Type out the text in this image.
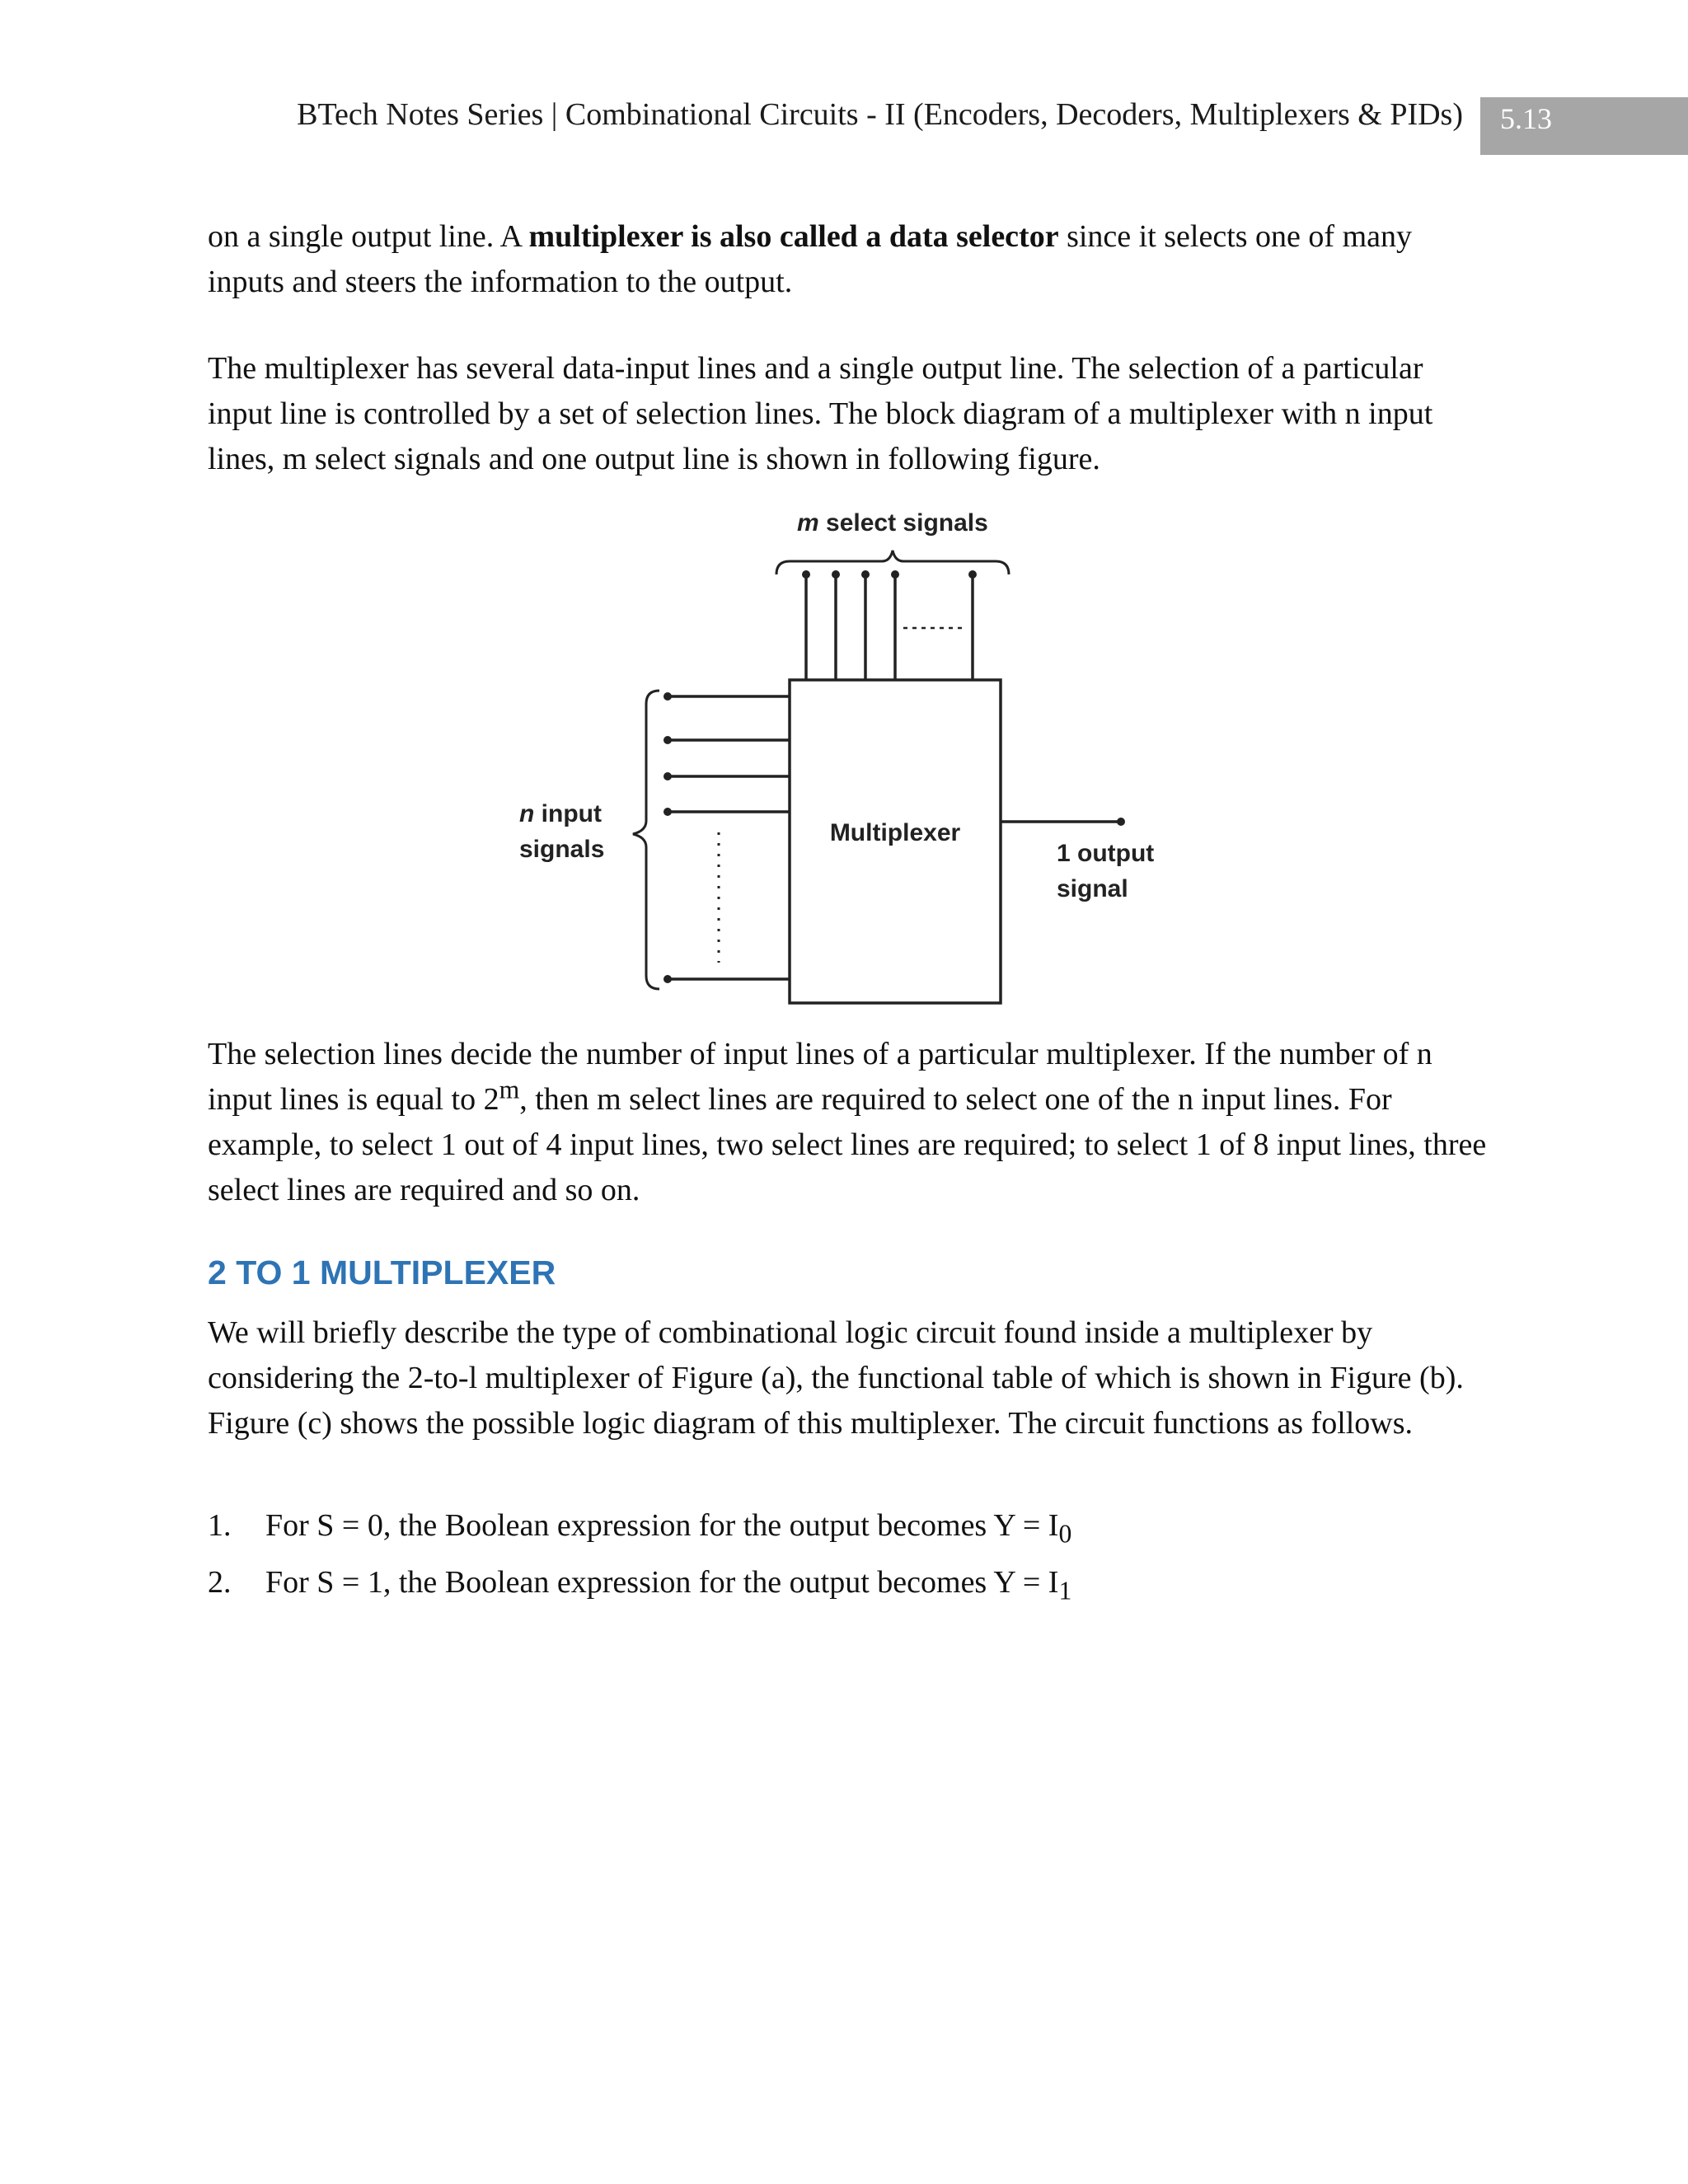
BTech Notes Series | Combinational Circuits - II (Encoders, Decoders, Multiplexers & PIDs)	5.13

on a single output line. A multiplexer is also called a data selector since it selects one of many inputs and steers the information to the output.

The multiplexer has several data-input lines and a single output line. The selection of a particular input line is controlled by a set of selection lines. The block diagram of a multiplexer with n input lines, m select signals and one output line is shown in following figure.

m select signals
Multiplexer
n input
signals	1 output
signal

The selection lines decide the number of input lines of a particular multiplexer. If the number of n input lines is equal to 2$^m$, then m select lines are required to select one of the n input lines. For example, to select 1 out of 4 input lines, two select lines are required; to select 1 of 8 input lines, three select lines are required and so on.

2 TO 1 MULTIPLEXER

We will briefly describe the type of combinational logic circuit found inside a multiplexer by considering the 2-to-l multiplexer of Figure (a), the functional table of which is shown in Figure (b). Figure (c) shows the possible logic diagram of this multiplexer. The circuit functions as follows.

1. For S = 0, the Boolean expression for the output becomes $Y = I_0$
2. For S = 1, the Boolean expression for the output becomes $Y = I_1$
